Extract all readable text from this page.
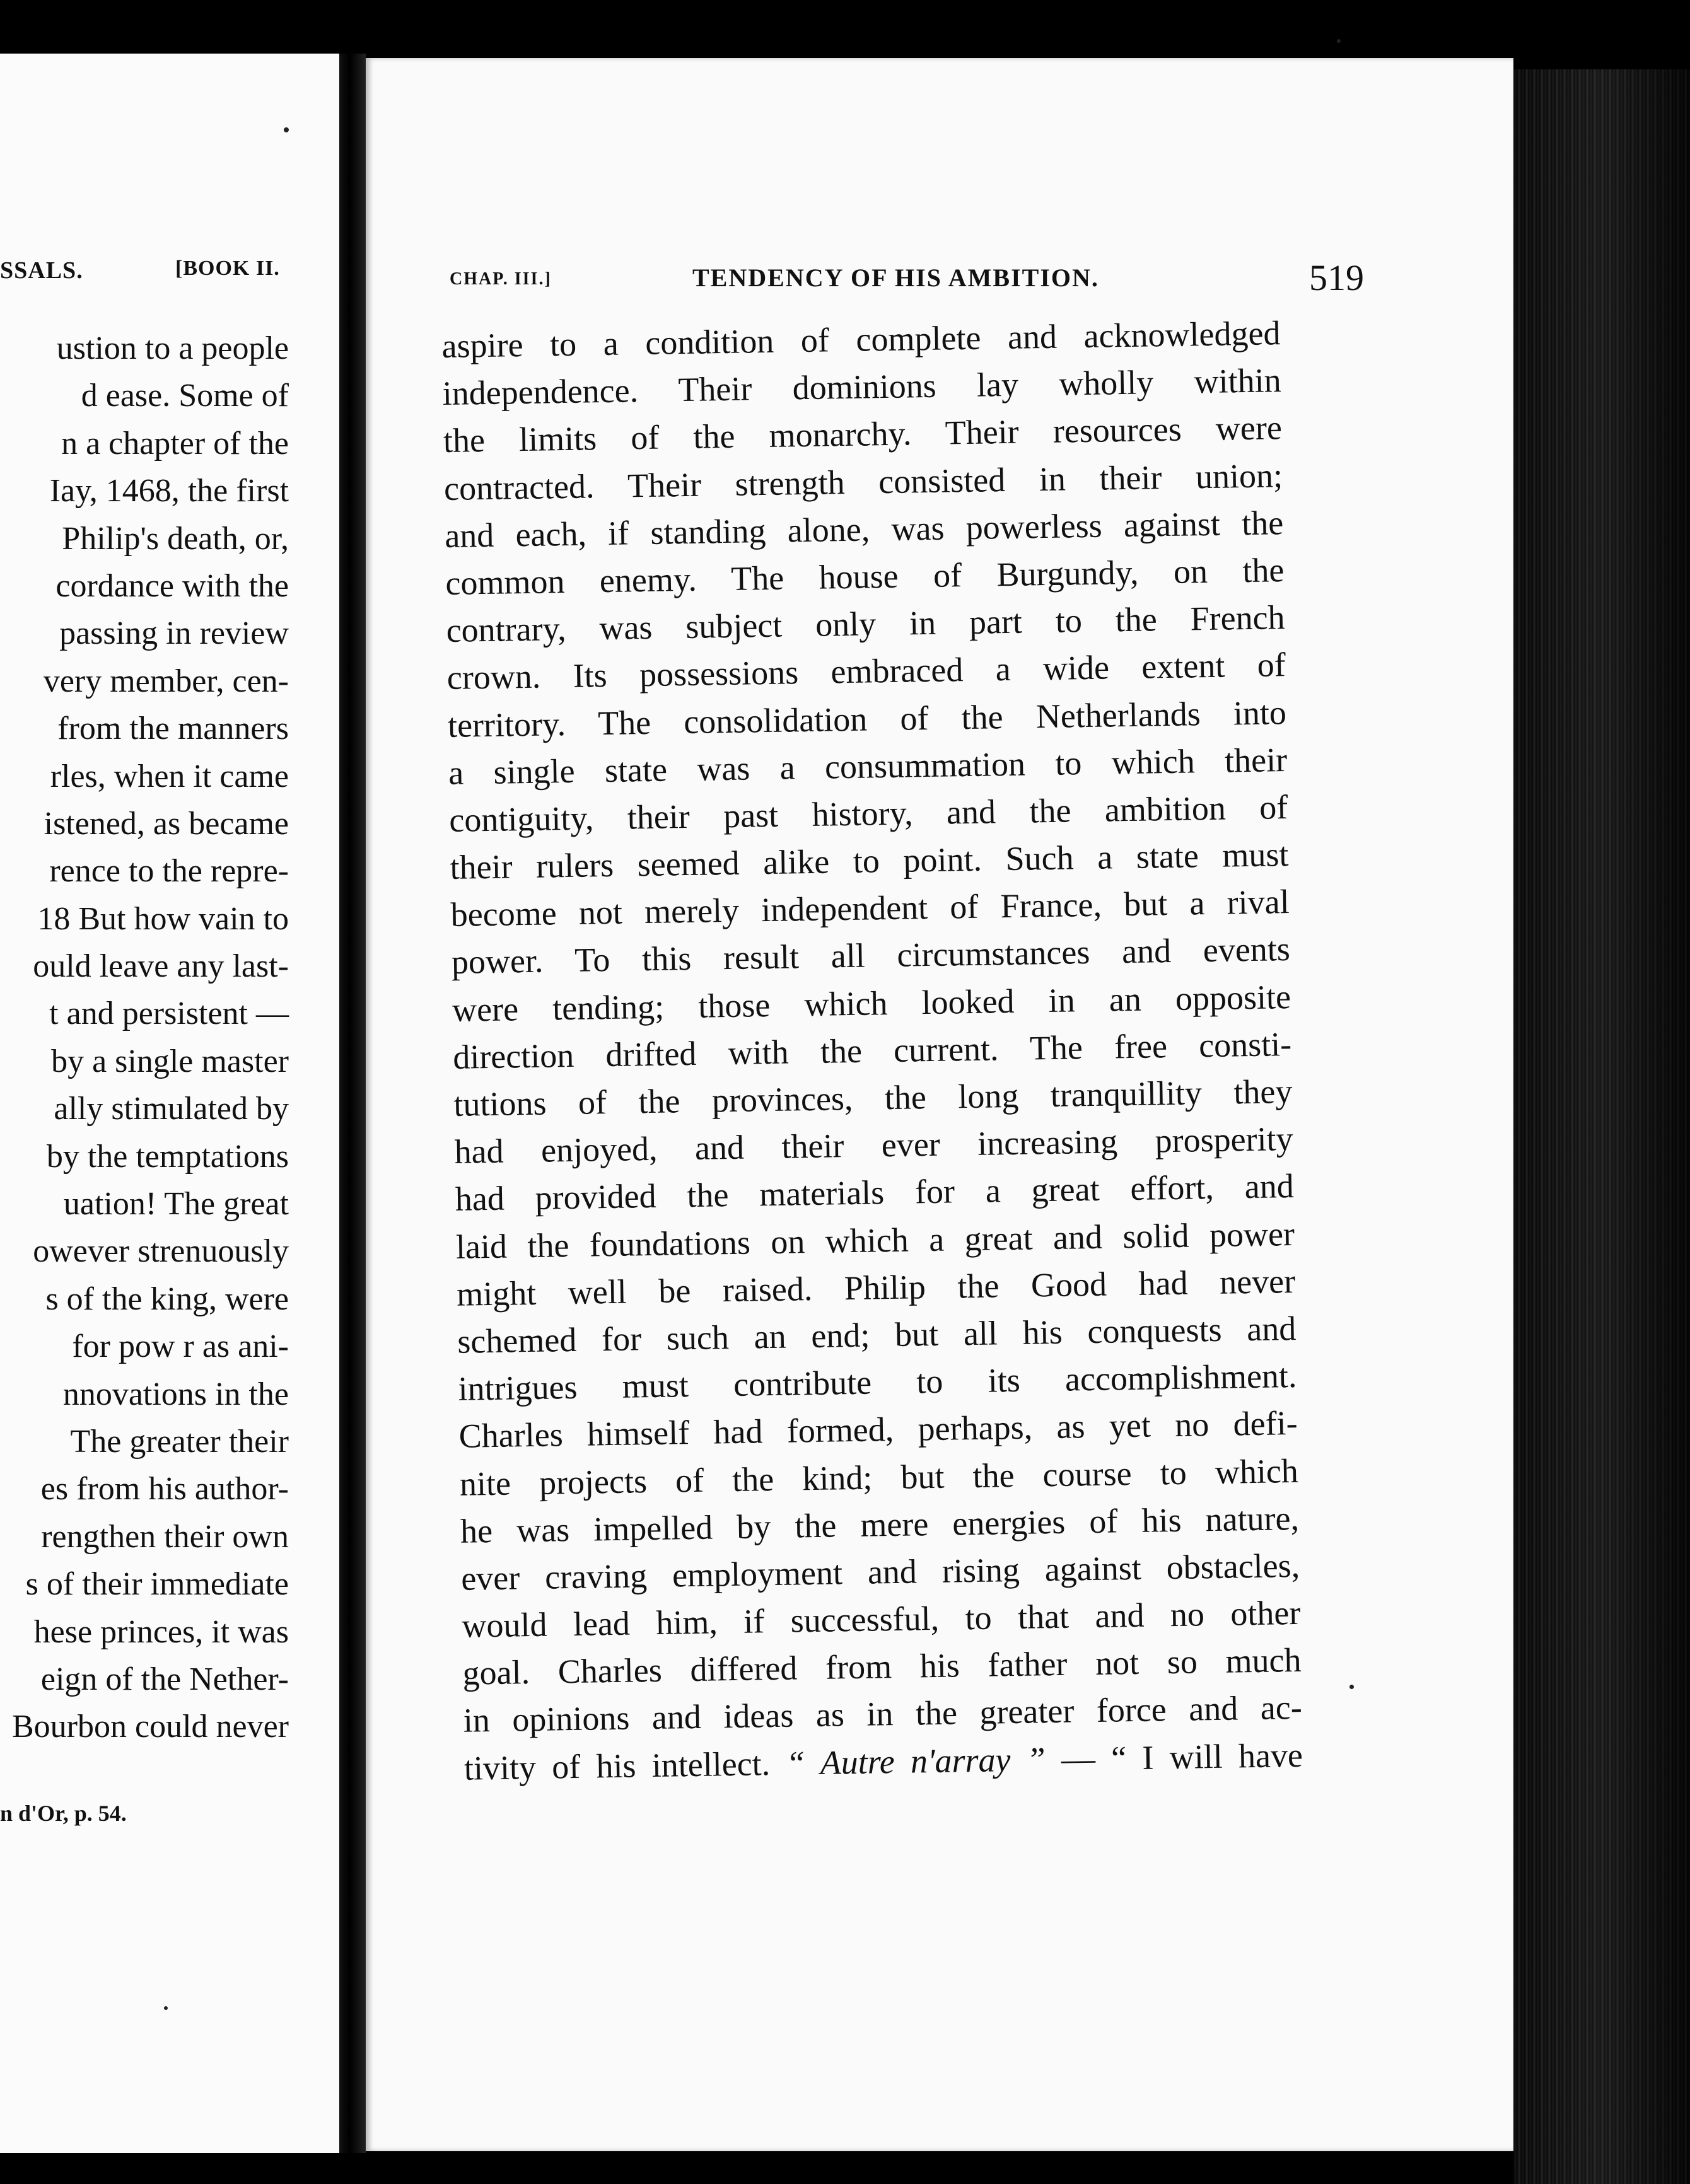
SSALS.	[BOOK II.
ustion to a people
d ease. Some of
n a chapter of the
Iay, 1468, the first
Philip's death, or,
cordance with the
passing in review
very member, cen-
from the manners
rles, when it came
istened, as became
rence to the repre-
18 But how vain to
ould leave any last-
t and persistent —
by a single master
ally stimulated by
by the temptations
uation! The great
owever strenuously
s of the king, were
for pow r as ani-
nnovations in the
The greater their
es from his author-
rengthen their own
s of their immediate
hese princes, it was
eign of the Nether-
Bourbon could never
n d'Or, p. 54.
CHAP. III.]	TENDENCY OF HIS AMBITION.	519
aspire to a condition of complete and acknowledged
independence. Their dominions lay wholly within
the limits of the monarchy. Their resources were
contracted. Their strength consisted in their union;
and each, if standing alone, was powerless against the
common enemy. The house of Burgundy, on the
contrary, was subject only in part to the French
crown. Its possessions embraced a wide extent of
territory. The consolidation of the Netherlands into
a single state was a consummation to which their
contiguity, their past history, and the ambition of
their rulers seemed alike to point. Such a state must
become not merely independent of France, but a rival
power. To this result all circumstances and events
were tending; those which looked in an opposite
direction drifted with the current. The free consti-
tutions of the provinces, the long tranquillity they
had enjoyed, and their ever increasing prosperity
had provided the materials for a great effort, and
laid the foundations on which a great and solid power
might well be raised. Philip the Good had never
schemed for such an end; but all his conquests and
intrigues must contribute to its accomplishment.
Charles himself had formed, perhaps, as yet no defi-
nite projects of the kind; but the course to which
he was impelled by the mere energies of his nature,
ever craving employment and rising against obstacles,
would lead him, if successful, to that and no other
goal. Charles differed from his father not so much
in opinions and ideas as in the greater force and ac-
tivity of his intellect. “ Autre n'array ” — “ I will have
